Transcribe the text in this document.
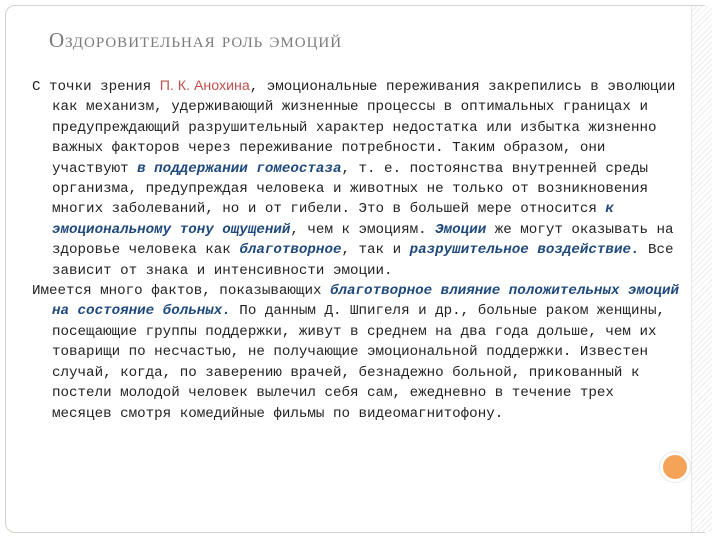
Оздоровительная роль эмоций

С точки зрения П. К. Анохина, эмоциональные переживания закрепились в эволюции как механизм, удерживающий жизненные процессы в оптимальных границах и предупреждающий разрушительный характер недостатка или избытка жизненно важных факторов через переживание потребности. Таким образом, они участвуют в поддержании гомеостаза, т. е. постоянства внутренней среды организма, предупреждая человека и животных не только от возникновения многих заболеваний, но и от гибели. Это в большей мере относится к эмоциональному тону ощущений, чем к эмоциям. Эмоции же могут оказывать на здоровье человека как благотворное, так и разрушительное воздействие. Все зависит от знака и интенсивности эмоции.

Имеется много фактов, показывающих благотворное влияние положительных эмоций на состояние больных. По данным Д. Шпигеля и др., больные раком женщины, посещающие группы поддержки, живут в среднем на два года дольше, чем их товарищи по несчастью, не получающие эмоциональной поддержки. Известен случай, когда, по заверению врачей, безнадежно больной, прикованный к постели молодой человек вылечил себя сам, ежедневно в течение трех месяцев смотря комедийные фильмы по видеомагнитофону.
